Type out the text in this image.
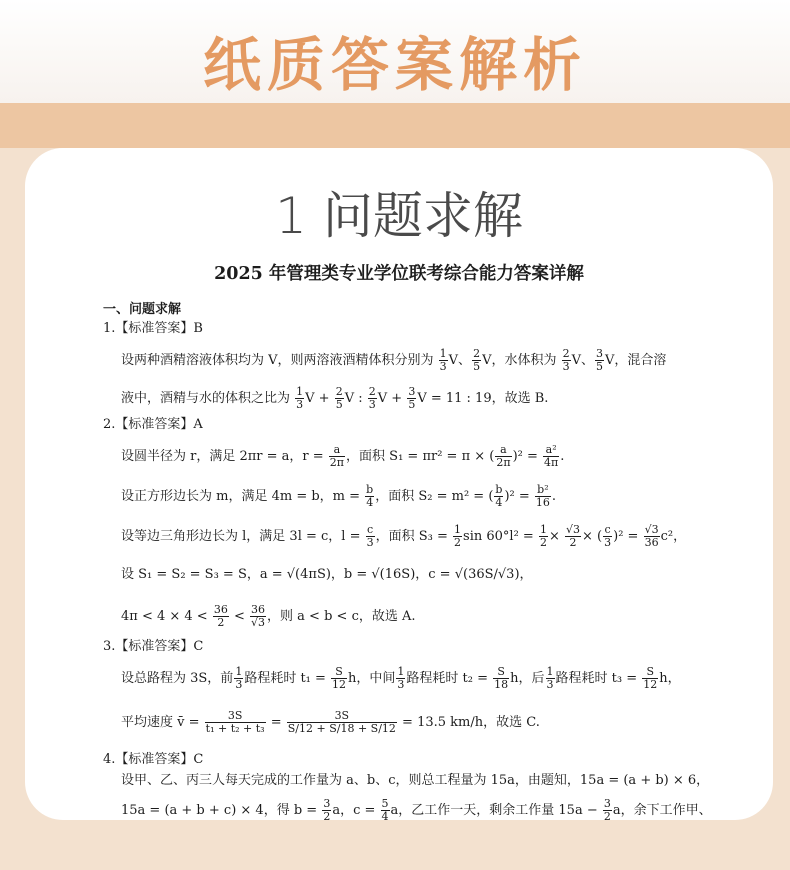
纸质答案解析
1 问题求解
2025 年管理类专业学位联考综合能力答案详解
一、问题求解
1.【标准答案】B
设两种酒精溶液体积均为 V，则两溶液酒精体积分别为 $\frac{1}{3}$ V、 $\frac{2}{5}$ V，水体积为 $\frac{2}{3}$ V、 $\frac{3}{5}$ V，混合溶
液中，酒精与水的体积之比为 $\frac{1}{3}$ $V + \frac{2}{5}$ V : $\frac{2}{3}$ $V + \frac{3}{5}$ V = 11 : 19，故选 B.
2.【标准答案】A
设圆半径为 r，满足 2πr = a，$r = \frac{a}{2\pi}$ ，面积 S₁ = πr² = π × ( $\frac{a}{2\pi} )^2 = \frac{\text{a²}}{4\pi}$ .
设正方形边长为 m，满足 4m = b，$m = \frac{b}{4}$ ，面积 S₂ = m² = ( $\frac{b}{4} )^2 = \frac{\text{b²}}{16}$ .
设等边三角形边长为 l，满足 3l = c，$l = \frac{c}{3}$ ，面积 $S_3 = \frac{1}{2}$ $\sin 60^\circ l^2 = \frac{1}{2} \times \frac{√3}{2}$ × ( $\frac{c}{3} )^2 = \frac{√3}{36} c^2$，
设 S₁ = S₂ = S₃ = S，a = √(4πS)，b = √(16S)，c = √(36S/√3)，
$4\pi < 4 \times 4 < \frac{36}{2} < \frac{36}{√3}$ ，则 a < b < c，故选 A.
3.【标准答案】C
设总路程为 3S，前 $\frac{1}{3}$ 路程耗时 $t_1 = \frac{S}{12}$ h，中间 $\frac{1}{3}$ 路程耗时 $t_2 = \frac{S}{18}$ h，后 $\frac{1}{3}$ 路程耗时 $t_3 = \frac{S}{12}$ h，
平均速度 v̄ = $\frac{3S}{\text{t₁ + t₂ + t₃}} = \frac{3S}{S/12 + S/18 + S/12} = 13.5$ km/h，故选 C.
4.【标准答案】C
设甲、乙、丙三人每天完成的工作量为 a、b、c，则总工程量为 15a，由题知，15a = (a + b) × 6，
15a = (a + b + c) × 4，得 $b = \frac{3}{2}$ a，$c = \frac{5}{4}$ a，乙工作一天，剩余工作量 $15a - \frac{3}{2}$ a，余下工作甲、
